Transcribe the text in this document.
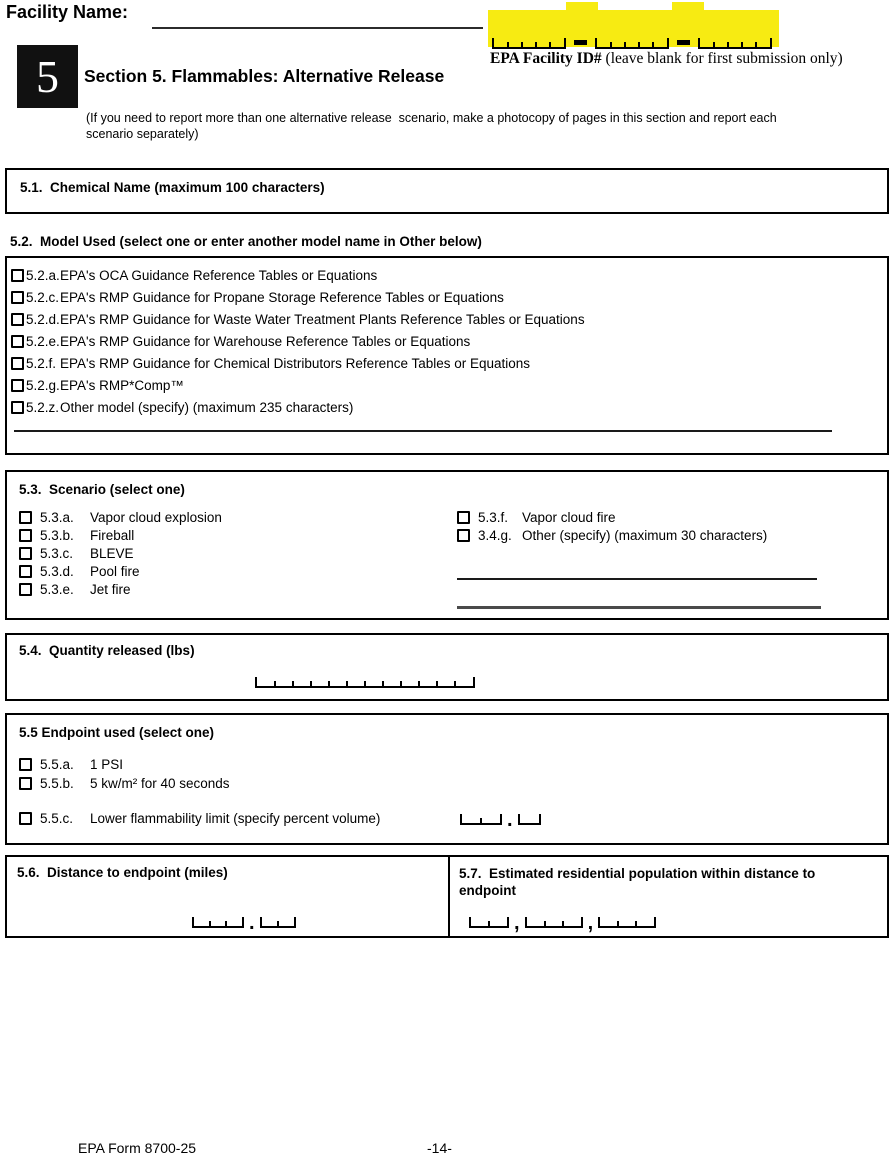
Facility Name:
EPA Facility ID# (leave blank for first submission only)
5 Section 5. Flammables: Alternative Release
(If you need to report more than one alternative release  scenario, make a photocopy of pages in this section and report each scenario separately)
5.1.  Chemical Name (maximum 100 characters)
5.2.  Model Used (select one or enter another model name in Other below)
5.2.a. EPA's OCA Guidance Reference Tables or Equations
5.2.c. EPA's RMP Guidance for Propane Storage Reference Tables or Equations
5.2.d. EPA's RMP Guidance for Waste Water Treatment Plants Reference Tables or Equations
5.2.e. EPA's RMP Guidance for Warehouse Reference Tables or Equations
5.2.f. EPA's RMP Guidance for Chemical Distributors Reference Tables or Equations
5.2.g. EPA's RMP*Comp™
5.2.z. Other model (specify) (maximum 235 characters)
5.3.  Scenario (select one)
5.3.a.	Vapor cloud explosion
5.3.b.	Fireball
5.3.c.	BLEVE
5.3.d.	Pool fire
5.3.e.	Jet fire
5.3.f.	Vapor cloud fire
3.4.g. Other (specify) (maximum 30 characters)
5.4.  Quantity released (lbs)
5.5 Endpoint used (select one)
5.5.a.	1 PSI
5.5.b.	5 kw/m² for 40 seconds
5.5.c.	Lower flammability limit (specify percent volume)	.
5.6.  Distance to endpoint (miles)
.
5.7.  Estimated residential population within distance to endpoint
,	,
EPA Form 8700-25	-14-
